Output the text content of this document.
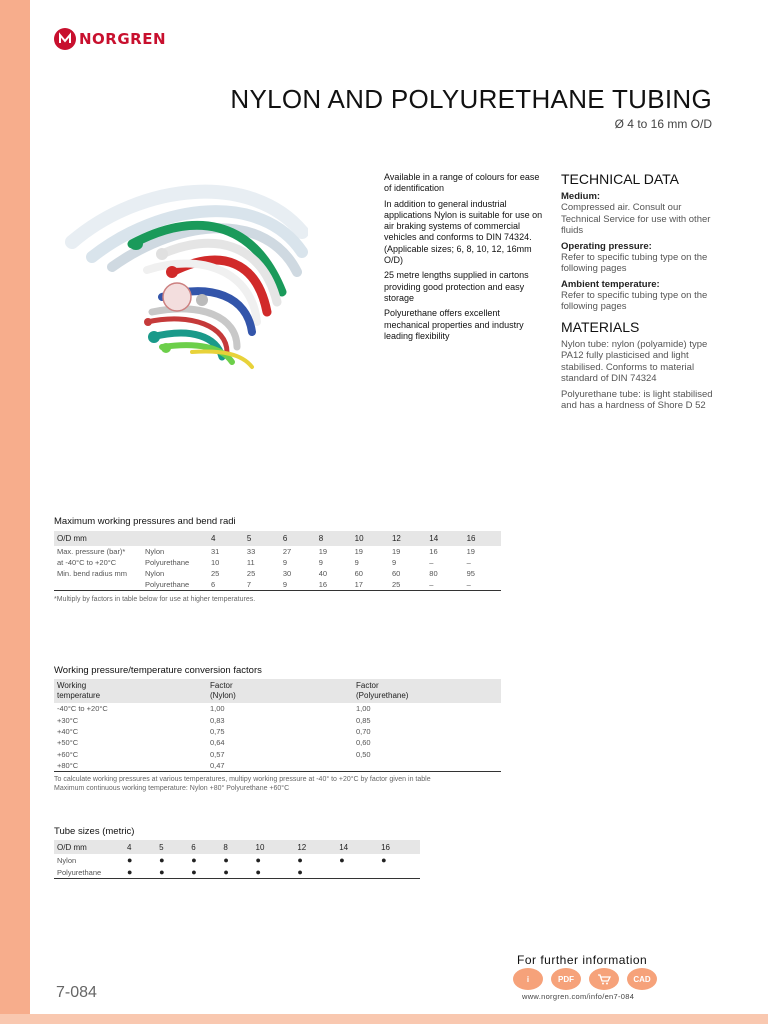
NORGREN
NYLON AND POLYURETHANE TUBING
Ø 4 to 16 mm O/D

Available in a range of colours for ease of identification

In addition to general industrial applications Nylon is suitable for use on air braking systems of commercial vehicles and conforms to DIN 74324. (Applicable sizes; 6, 8, 10, 12, 16mm O/D)

25 metre lengths supplied in cartons providing good protection and easy storage

Polyurethane offers excellent mechanical properties and industry leading flexibility

TECHNICAL DATA
Medium:
Compressed air. Consult our Technical Service for use with other fluids
Operating pressure:
Refer to specific tubing type on the following pages
Ambient temperature:
Refer to specific tubing type on the following pages
MATERIALS
Nylon tube: nylon (polyamide) type PA12 fully plasticised and light stabilised. Conforms to material standard of DIN 74324
Polyurethane tube: is light stabilised and has a hardness of Shore D 52
Maximum working pressures and bend radi
O/D mm		4	5	6	8	10	12	14	16
Max. pressure (bar)*	Nylon	31	33	27	19	19	19	16	19
at -40°C to +20°C	Polyurethane	10	11	9	9	9	9	–	–
Min. bend radius mm	Nylon	25	25	30	40	60	60	80	95
	Polyurethane	6	7	9	16	17	25	–	–
*Multiply by factors in table below for use at higher temperatures.
Working pressure/temperature conversion factors
Working
temperature	Factor
(Nylon)	Factor
(Polyurethane)
-40°C to +20°C	1,00	1,00
+30°C	0,83	0,85
+40°C	0,75	0,70
+50°C	0,64	0,60
+60°C	0,57	0,50
+80°C	0,47	
To calculate working pressures at various temperatures, multipy working pressure at -40° to +20°C by factor given in table
Maximum continuous working temperature: Nylon +80° Polyurethane +60°C
Tube sizes (metric)
O/D mm	4	5	6	8	10	12	14	16
Nylon	●	●	●	●	●	●	●	●
Polyurethane	●	●	●	●	●	●		
For further information
i	PDF	CAD
www.norgren.com/info/en7-084
7-084
